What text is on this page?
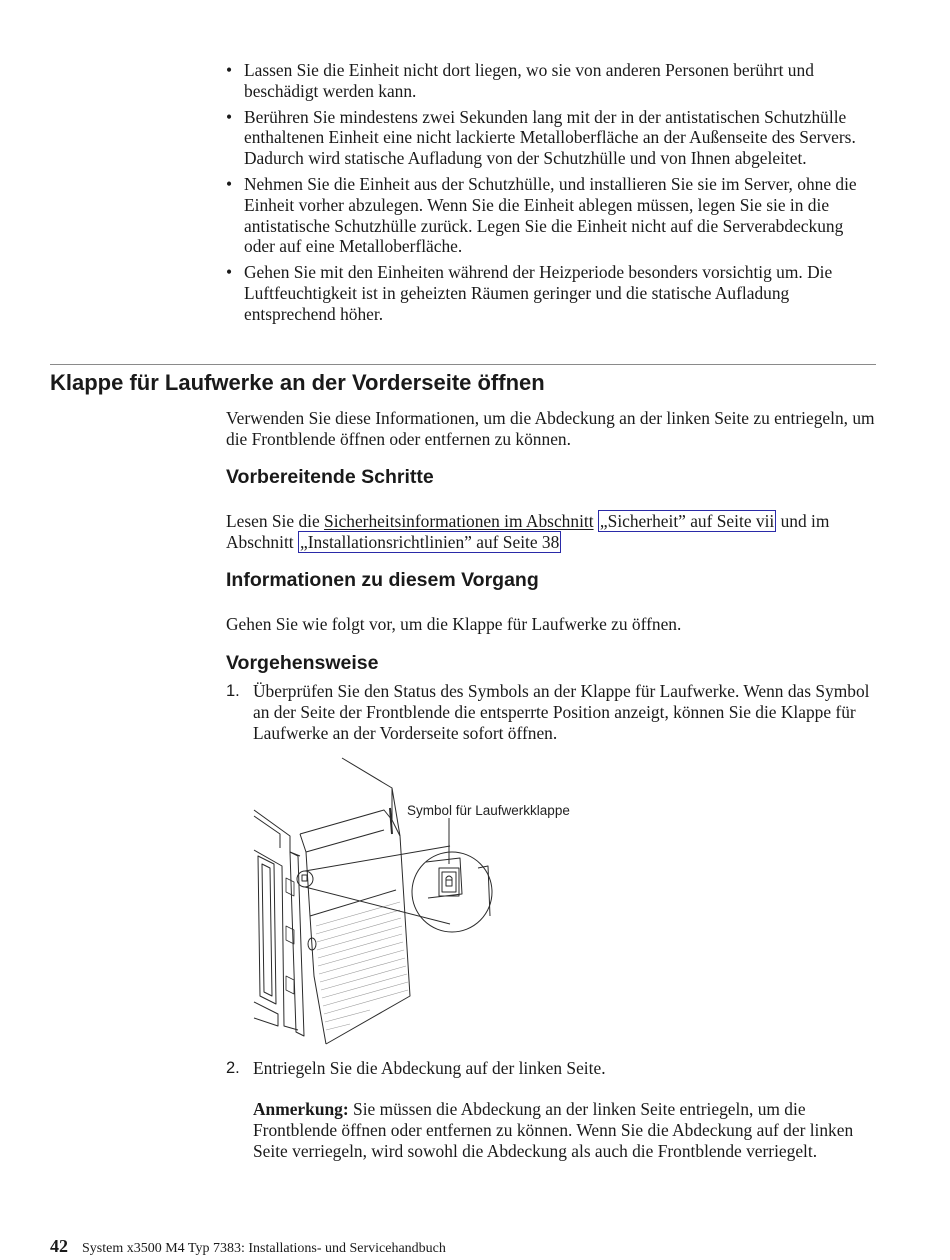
• Lassen Sie die Einheit nicht dort liegen, wo sie von anderen Personen berührt und beschädigt werden kann.
• Berühren Sie mindestens zwei Sekunden lang mit der in der antistatischen Schutzhülle enthaltenen Einheit eine nicht lackierte Metalloberfläche an der Außenseite des Servers. Dadurch wird statische Aufladung von der Schutzhülle und von Ihnen abgeleitet.
• Nehmen Sie die Einheit aus der Schutzhülle, und installieren Sie sie im Server, ohne die Einheit vorher abzulegen. Wenn Sie die Einheit ablegen müssen, legen Sie sie in die antistatische Schutzhülle zurück. Legen Sie die Einheit nicht auf die Serverabdeckung oder auf eine Metalloberfläche.
• Gehen Sie mit den Einheiten während der Heizperiode besonders vorsichtig um. Die Luftfeuchtigkeit ist in geheizten Räumen geringer und die statische Aufladung entsprechend höher.
Klappe für Laufwerke an der Vorderseite öffnen
Verwenden Sie diese Informationen, um die Abdeckung an der linken Seite zu entriegeln, um die Frontblende öffnen oder entfernen zu können.
Vorbereitende Schritte
Lesen Sie die Sicherheitsinformationen im Abschnitt „Sicherheit” auf Seite vii und im Abschnitt „Installationsrichtlinien” auf Seite 38
Informationen zu diesem Vorgang
Gehen Sie wie folgt vor, um die Klappe für Laufwerke zu öffnen.
Vorgehensweise
1. Überprüfen Sie den Status des Symbols an der Klappe für Laufwerke. Wenn das Symbol an der Seite der Frontblende die entsperrte Position anzeigt, können Sie die Klappe für Laufwerke an der Vorderseite sofort öffnen.
Symbol für Laufwerkklappe
2. Entriegeln Sie die Abdeckung auf der linken Seite.
Anmerkung: Sie müssen die Abdeckung an der linken Seite entriegeln, um die Frontblende öffnen oder entfernen zu können. Wenn Sie die Abdeckung auf der linken Seite verriegeln, wird sowohl die Abdeckung als auch die Frontblende verriegelt.
42 System x3500 M4 Typ 7383: Installations- und Servicehandbuch
